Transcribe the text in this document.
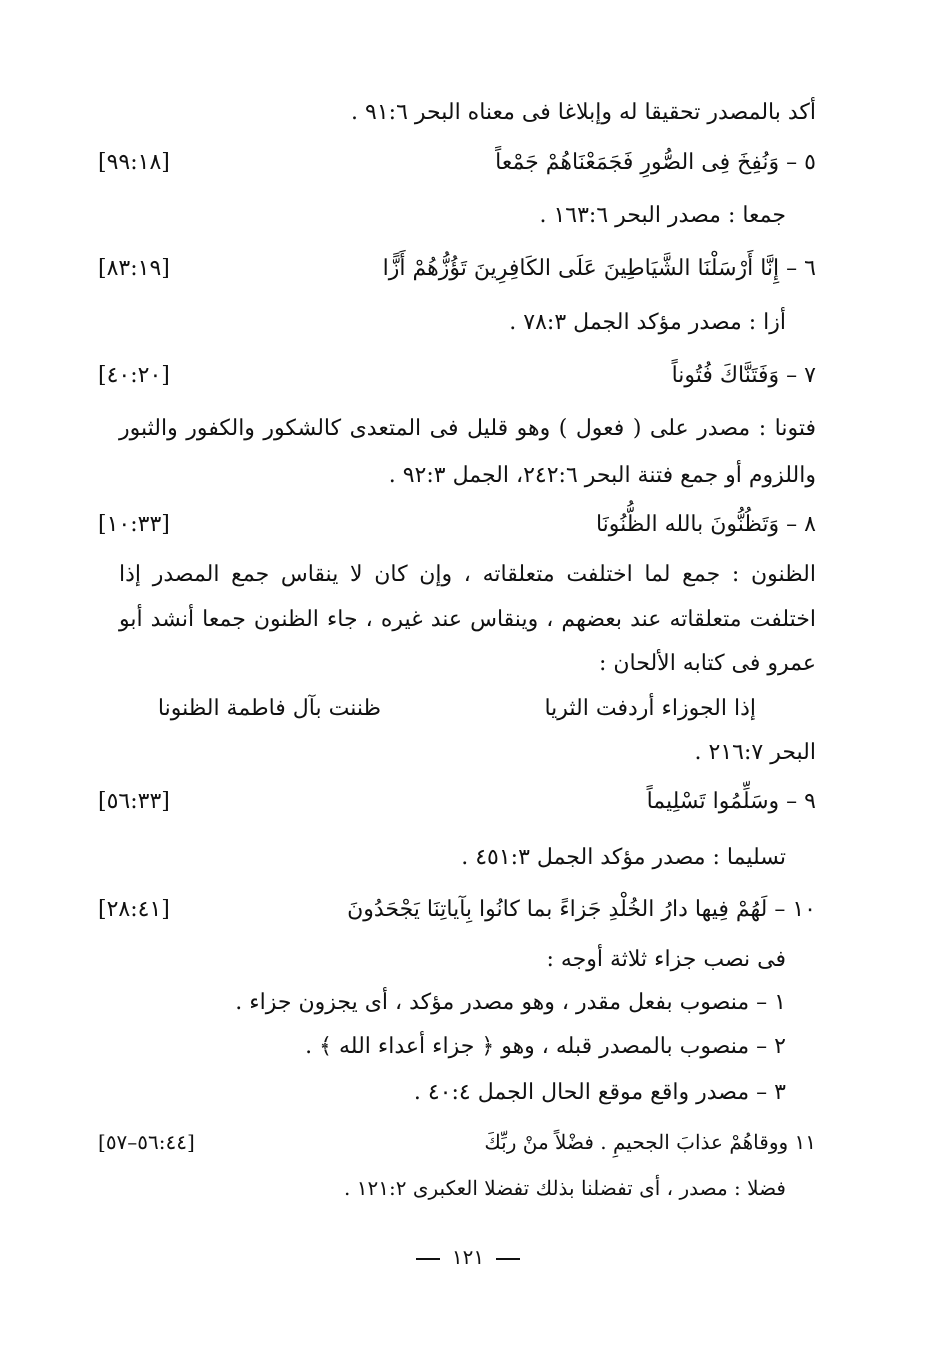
أكد بالمصدر تحقيقا له وإبلاغا فى معناه البحر ٦‏:٩١ .
٥ – وَنُفِخَ فِى الصُّورِ فَجَمَعْنَاهُمْ جَمْعاً
[١٨‏:٩٩]
جمعا : مصدر البحر ٦‏:١٦٣ .
٦ – إِنَّا أَرْسَلْنَا الشَّيَاطِينَ عَلَى الكَافِرِينَ تَؤُزُّهُمْ أَزًّا
[١٩‏:٨٣]
أزا : مصدر مؤكد الجمل ٣‏:٧٨ .
٧ – وَفَتَنَّاكَ فُتُوناً
[٢٠‏:٤٠]
فتونا : مصدر على ( فعول ) وهو قليل فى المتعدى كالشكور والكفور والثبور
واللزوم أو جمع فتنة البحر ٦‏:٢٤٢، الجمل ٣‏:٩٢ .
٨ – وَتَظُنُّونَ بالله الظُّنُونَا
[٣٣‏:١٠]
الظنون : جمع لما اختلفت متعلقاته ، وإن كان لا ينقاس جمع المصدر إذا
اختلفت متعلقاته عند بعضهم ، وينقاس عند غيره ، جاء الظنون جمعا أنشد أبو
عمرو فى كتابه الألحان :
إذا الجوزاء أردفت الثريا
ظننت بآل فاطمة الظنونا
البحر ٧‏:٢١٦ .
٩ – وسَلِّمُوا تَسْلِيماً
[٣٣‏:٥٦]
تسليما : مصدر مؤكد الجمل ٣‏:٤٥١ .
١٠ – لَهُمْ فِيها دارُ الخُلْدِ جَزاءً بما كانُوا بِآياتِنَا يَجْحَدُونَ
[٤١‏:٢٨]
فى نصب جزاء ثلاثة أوجه :
١ – منصوب بفعل مقدر ، وهو مصدر مؤكد ، أى يجزون جزاء .
٢ – منصوب بالمصدر قبله ، وهو ﴿ جزاء أعداء الله ﴾ .
٣ – مصدر واقع موقع الحال الجمل ٤‏:٤٠ .
١١ ووقاهُمْ عذابَ الجحيمِ . فضْلاً منْ ربِّكَ
[٤٤‏:٥٦–٥٧]
فضلا : مصدر ، أى تفضلنا بذلك تفضلا العكبرى ٢‏:١٢١ .
١٢١
